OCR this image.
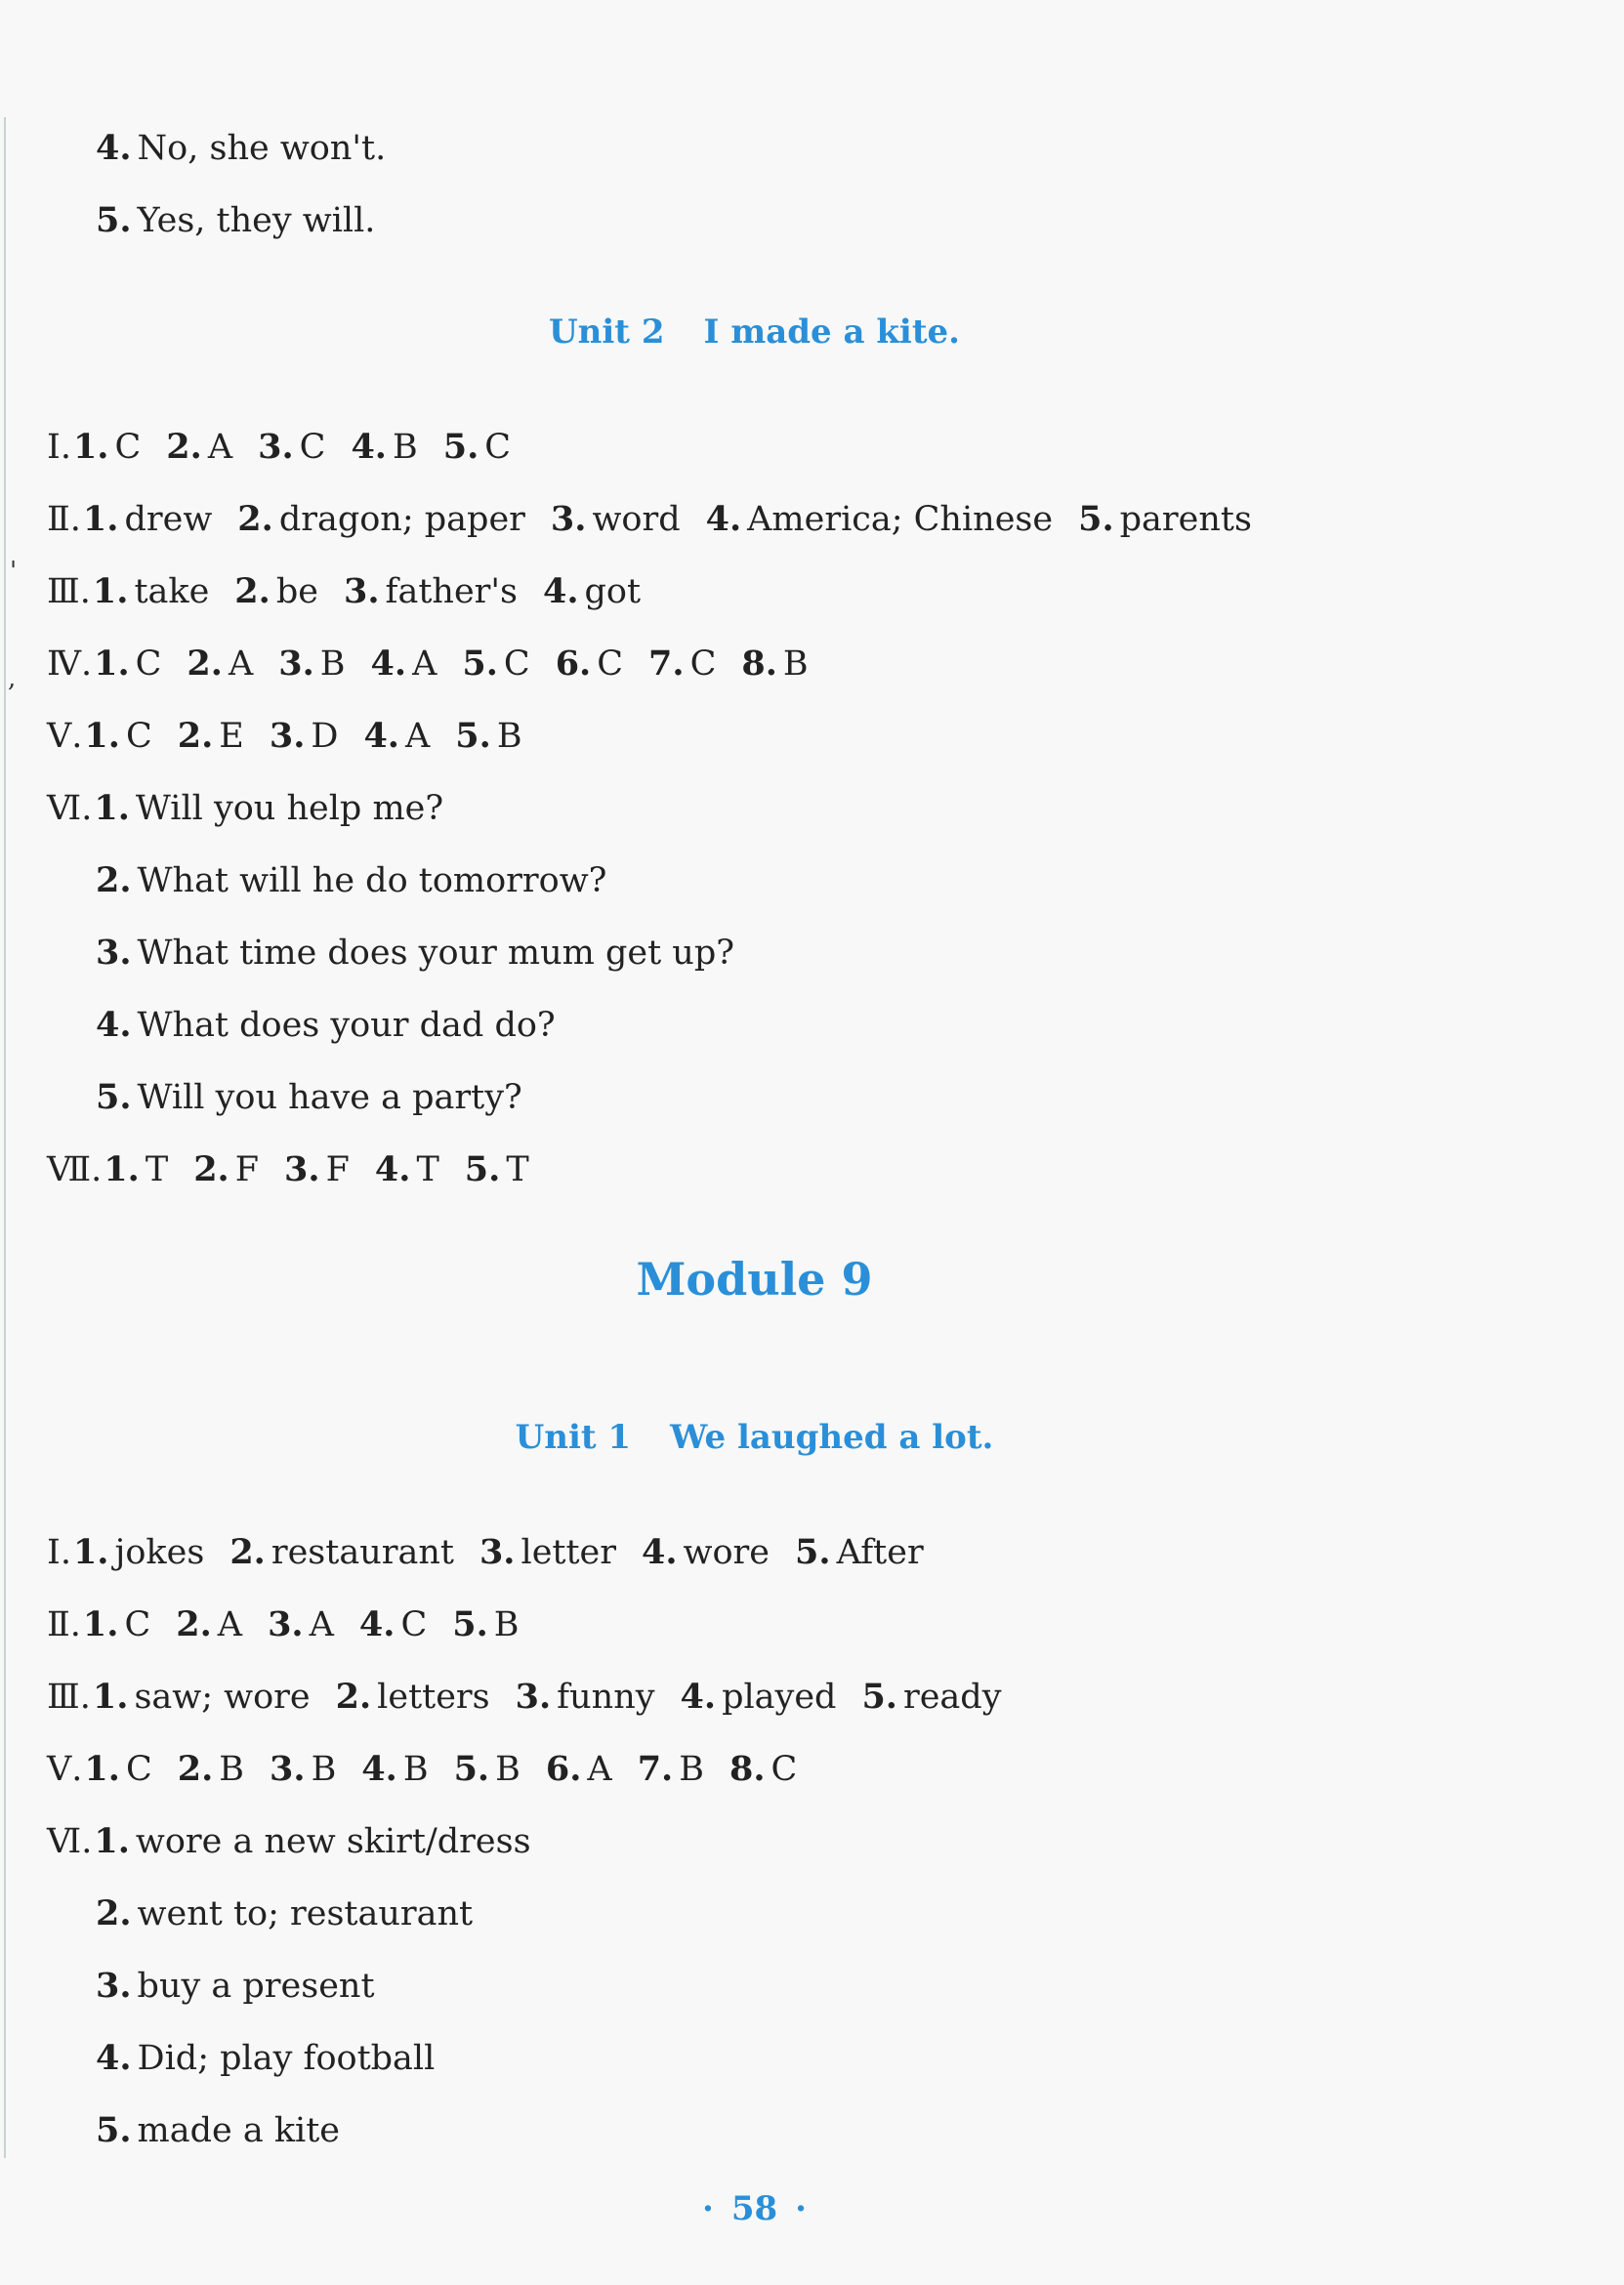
'
,
4. No, she won't.
5. Yes, they will.
Unit 2 I made a kite.
Ⅰ.1. C 2. A 3. C 4. B 5. C
Ⅱ.1. drew 2. dragon; paper 3. word 4. America; Chinese 5. parents
Ⅲ.1. take 2. be 3. father's 4. got
Ⅳ.1. C 2. A 3. B 4. A 5. C 6. C 7. C 8. B
Ⅴ.1. C 2. E 3. D 4. A 5. B
Ⅵ.1. Will you help me?
Ⅶ.1. T 2. F 3. F 4. T 5. T
Module 9
Unit 1 We laughed a lot.
Ⅰ.1. jokes 2. restaurant 3. letter 4. wore 5. After
Ⅱ.1. C 2. A 3. A 4. C 5. B
Ⅲ.1. saw; wore 2. letters 3. funny 4. played 5. ready
Ⅴ.1. C 2. B 3. B 4. B 5. B 6. A 7. B 8. C
Ⅵ.1. wore a new skirt/dress
· 58 ·
2. What will he do tomorrow?
3. What time does your mum get up?
4. What does your dad do?
5. Will you have a party?
2. went to; restaurant
3. buy a present
4. Did; play football
5. made a kite
